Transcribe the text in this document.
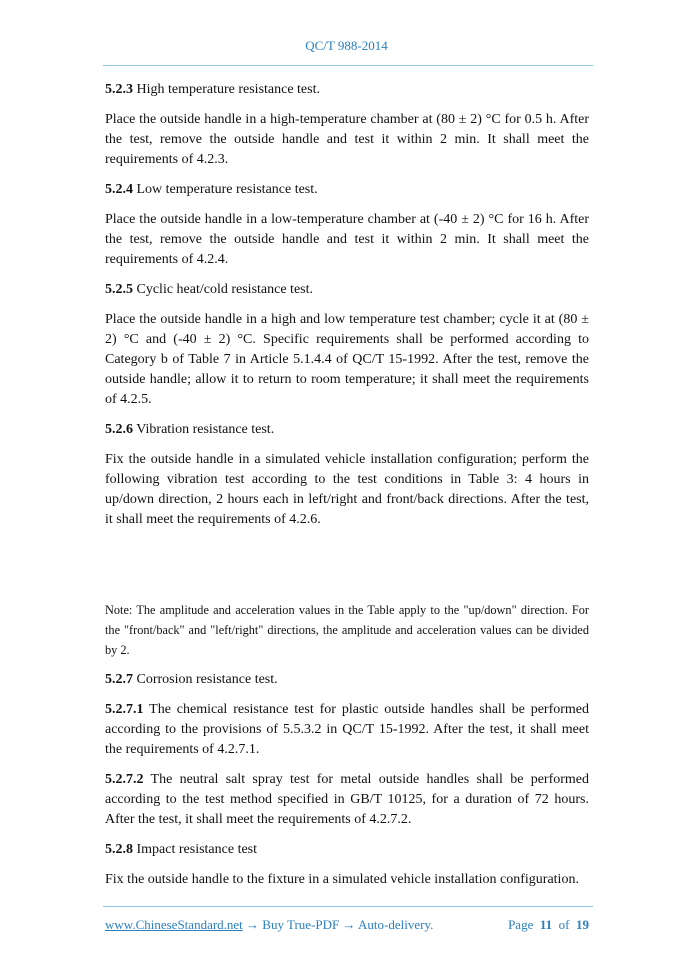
QC/T 988-2014
5.2.3 High temperature resistance test.
Place the outside handle in a high-temperature chamber at (80 ± 2) °C for 0.5 h. After the test, remove the outside handle and test it within 2 min. It shall meet the requirements of 4.2.3.
5.2.4 Low temperature resistance test.
Place the outside handle in a low-temperature chamber at (-40 ± 2) °C for 16 h. After the test, remove the outside handle and test it within 2 min. It shall meet the requirements of 4.2.4.
5.2.5 Cyclic heat/cold resistance test.
Place the outside handle in a high and low temperature test chamber; cycle it at (80 ± 2) °C and (-40 ± 2) °C. Specific requirements shall be performed according to Category b of Table 7 in Article 5.1.4.4 of QC/T 15-1992. After the test, remove the outside handle; allow it to return to room temperature; it shall meet the requirements of 4.2.5.
5.2.6 Vibration resistance test.
Fix the outside handle in a simulated vehicle installation configuration; perform the following vibration test according to the test conditions in Table 3: 4 hours in up/down direction, 2 hours each in left/right and front/back directions. After the test, it shall meet the requirements of 4.2.6.
Note: The amplitude and acceleration values in the Table apply to the "up/down" direction. For the "front/back" and "left/right" directions, the amplitude and acceleration values can be divided by 2.
5.2.7 Corrosion resistance test.
5.2.7.1 The chemical resistance test for plastic outside handles shall be performed according to the provisions of 5.5.3.2 in QC/T 15-1992. After the test, it shall meet the requirements of 4.2.7.1.
5.2.7.2 The neutral salt spray test for metal outside handles shall be performed according to the test method specified in GB/T 10125, for a duration of 72 hours. After the test, it shall meet the requirements of 4.2.7.2.
5.2.8 Impact resistance test
Fix the outside handle to the fixture in a simulated vehicle installation configuration.
www.ChineseStandard.net → Buy True-PDF → Auto-delivery.	Page 11 of 19
